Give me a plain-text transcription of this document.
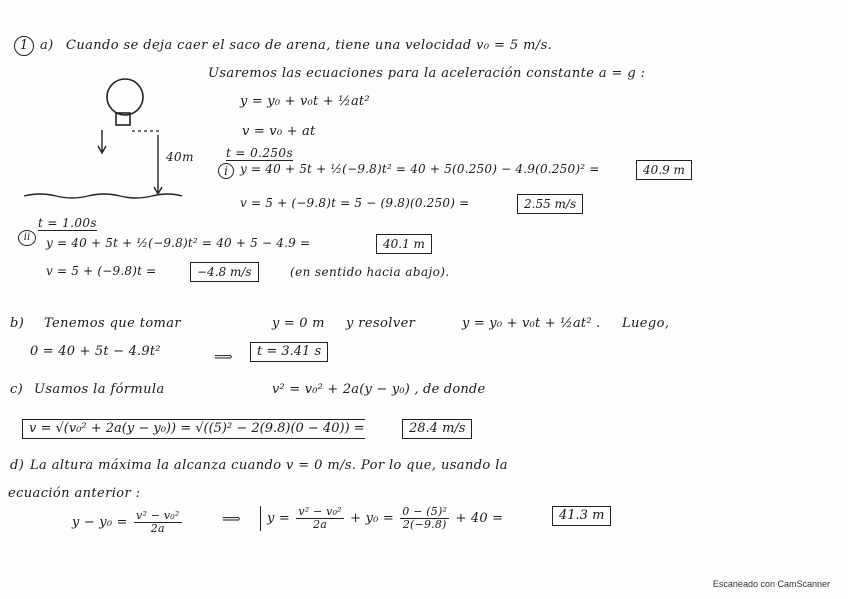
1 a) Cuando se deja caer el saco de arena, tiene una velocidad v₀ = 5 m/s.
Usaremos las ecuaciones para la aceleración constante a = g :
y = y₀ + v₀t + ½at²
v = v₀ + at
40m	t = 0.250s
i	y = 40 + 5t + ½(−9.8)t² = 40 + 5(0.250) − 4.9(0.250)² =	40.9 m
v = 5 + (−9.8)t = 5 − (9.8)(0.250) =	2.55 m/s
t = 1.00s
ii	y = 40 + 5t + ½(−9.8)t² = 40 + 5 − 4.9 =	40.1 m
v = 5 + (−9.8)t =	−4.8 m/s	(en sentido hacia abajo).
b) Tenemos que tomar	y = 0 m y resolver	y = y₀ + v₀t + ½at² . Luego,
0 = 40 + 5t − 4.9t²	⟹	t = 3.41 s
c) Usamos la fórmula	v² = v₀² + 2a(y − y₀) , de donde
v = √(v₀² + 2a(y − y₀)) = √((5)² − 2(9.8)(0 − 40)) =	28.4 m/s
d) La altura máxima la alcanza cuando v = 0 m/s. Por lo que, usando la
ecuación anterior :
$y - y_0 = \frac{\text{v² − v₀²}}{2a}$	⟹	$y = \frac{\text{v² − v₀²}}{2a} + y_0 = \frac{\text{0 − (5)²}}{2(-9.8)} + 40$ =	41.3 m
Escaneado con CamScanner
